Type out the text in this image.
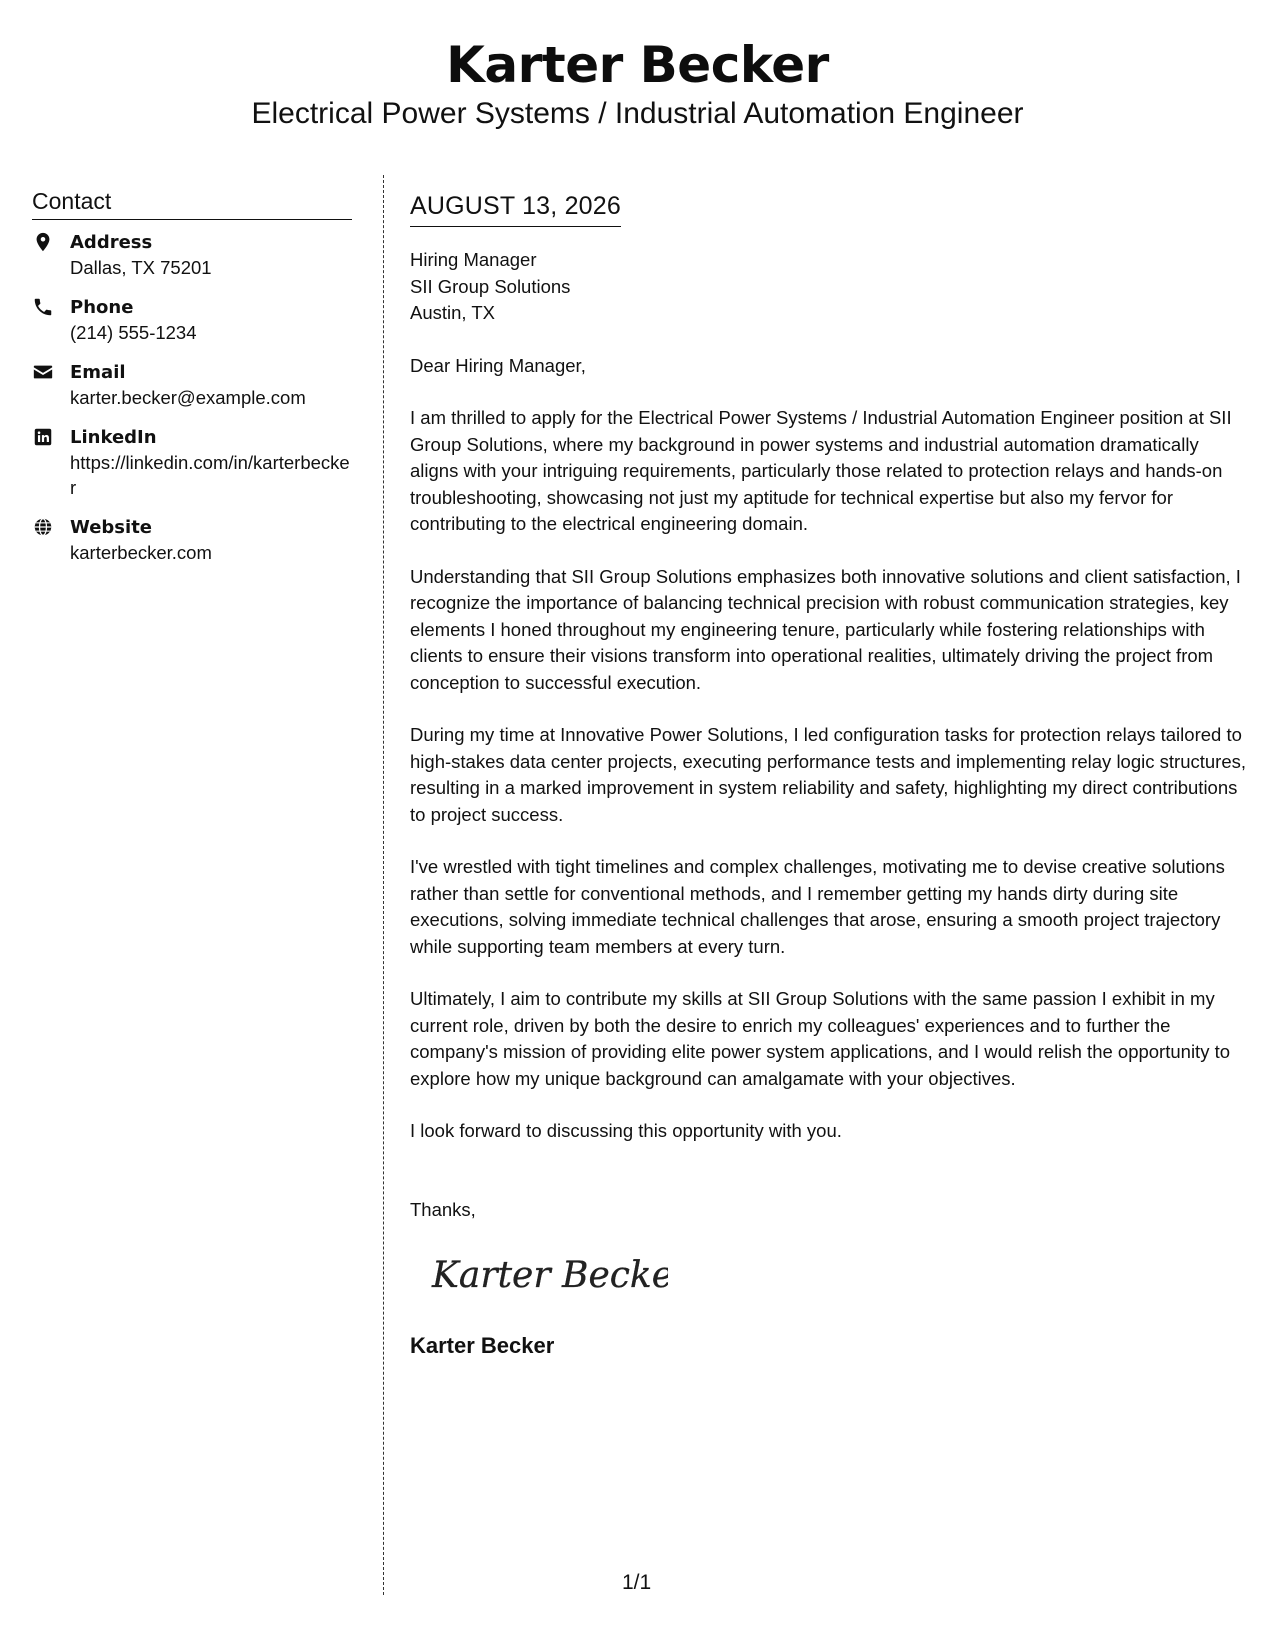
Karter Becker
Electrical Power Systems / Industrial Automation Engineer
Contact
Address
Dallas, TX 75201
Phone
(214) 555-1234
Email
karter.becker@example.com
LinkedIn
https://linkedin.com/in/karterbecker
Website
karterbecker.com
AUGUST 13, 2026
Hiring Manager
SII Group Solutions
Austin, TX
Dear Hiring Manager,
I am thrilled to apply for the Electrical Power Systems / Industrial Automation Engineer position at SII Group Solutions, where my background in power systems and industrial automation dramatically aligns with your intriguing requirements, particularly those related to protection relays and hands-on troubleshooting, showcasing not just my aptitude for technical expertise but also my fervor for contributing to the electrical engineering domain.
Understanding that SII Group Solutions emphasizes both innovative solutions and client satisfaction, I recognize the importance of balancing technical precision with robust communication strategies, key elements I honed throughout my engineering tenure, particularly while fostering relationships with clients to ensure their visions transform into operational realities, ultimately driving the project from conception to successful execution.
During my time at Innovative Power Solutions, I led configuration tasks for protection relays tailored to high-stakes data center projects, executing performance tests and implementing relay logic structures, resulting in a marked improvement in system reliability and safety, highlighting my direct contributions to project success.
I've wrestled with tight timelines and complex challenges, motivating me to devise creative solutions rather than settle for conventional methods, and I remember getting my hands dirty during site executions, solving immediate technical challenges that arose, ensuring a smooth project trajectory while supporting team members at every turn.
Ultimately, I aim to contribute my skills at SII Group Solutions with the same passion I exhibit in my current role, driven by both the desire to enrich my colleagues' experiences and to further the company's mission of providing elite power system applications, and I would relish the opportunity to explore how my unique background can amalgamate with your objectives.
I look forward to discussing this opportunity with you.
Thanks,
Karter Becker
Karter Becker
1/1
